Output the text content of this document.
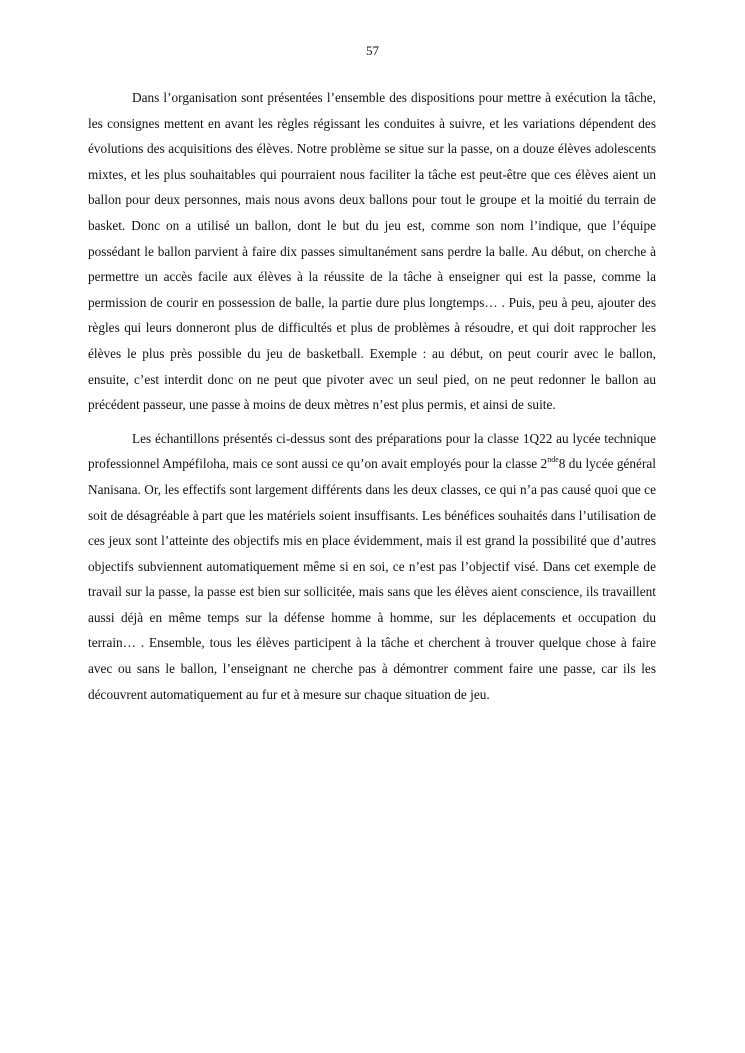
57

Dans l’organisation sont présentées l’ensemble des dispositions pour mettre à exécution la tâche, les consignes mettent en avant les règles régissant les conduites à suivre, et les variations dépendent des évolutions des acquisitions des élèves. Notre problème se situe sur la passe, on a douze élèves adolescents mixtes, et les plus souhaitables qui pourraient nous faciliter la tâche est peut-être que ces élèves aient un ballon pour deux personnes, mais nous avons deux ballons pour tout le groupe et la moitié du terrain de basket. Donc on a utilisé un ballon, dont le but du jeu est, comme son nom l’indique, que l’équipe possédant le ballon parvient à faire dix passes simultanément sans perdre la balle. Au début, on cherche à permettre un accès facile aux élèves à la réussite de la tâche à enseigner qui est la passe, comme la permission de courir en possession de balle, la partie dure plus longtemps… . Puis, peu à peu, ajouter des règles qui leurs donneront plus de difficultés et plus de problèmes à résoudre, et qui doit rapprocher les élèves le plus près possible du jeu de basketball. Exemple : au début, on peut courir avec le ballon, ensuite, c’est interdit donc on ne peut que pivoter avec un seul pied, on ne peut redonner le ballon au précédent passeur, une passe à moins de deux mètres n’est plus permis, et ainsi de suite.

Les échantillons présentés ci-dessus sont des préparations pour la classe 1Q22 au lycée technique professionnel Ampéfiloha, mais ce sont aussi ce qu’on avait employés pour la classe 2nde8 du lycée général Nanisana. Or, les effectifs sont largement différents dans les deux classes, ce qui n’a pas causé quoi que ce soit de désagréable à part que les matériels soient insuffisants. Les bénéfices souhaités dans l’utilisation de ces jeux sont l’atteinte des objectifs mis en place évidemment, mais il est grand la possibilité que d’autres objectifs subviennent automatiquement même si en soi, ce n’est pas l’objectif visé. Dans cet exemple de travail sur la passe, la passe est bien sur sollicitée, mais sans que les élèves aient conscience, ils travaillent aussi déjà en même temps sur la défense homme à homme, sur les déplacements et occupation du terrain… . Ensemble, tous les élèves participent à la tâche et cherchent à trouver quelque chose à faire avec ou sans le ballon, l’enseignant ne cherche pas à démontrer comment faire une passe, car ils les découvrent automatiquement au fur et à mesure sur chaque situation de jeu.
